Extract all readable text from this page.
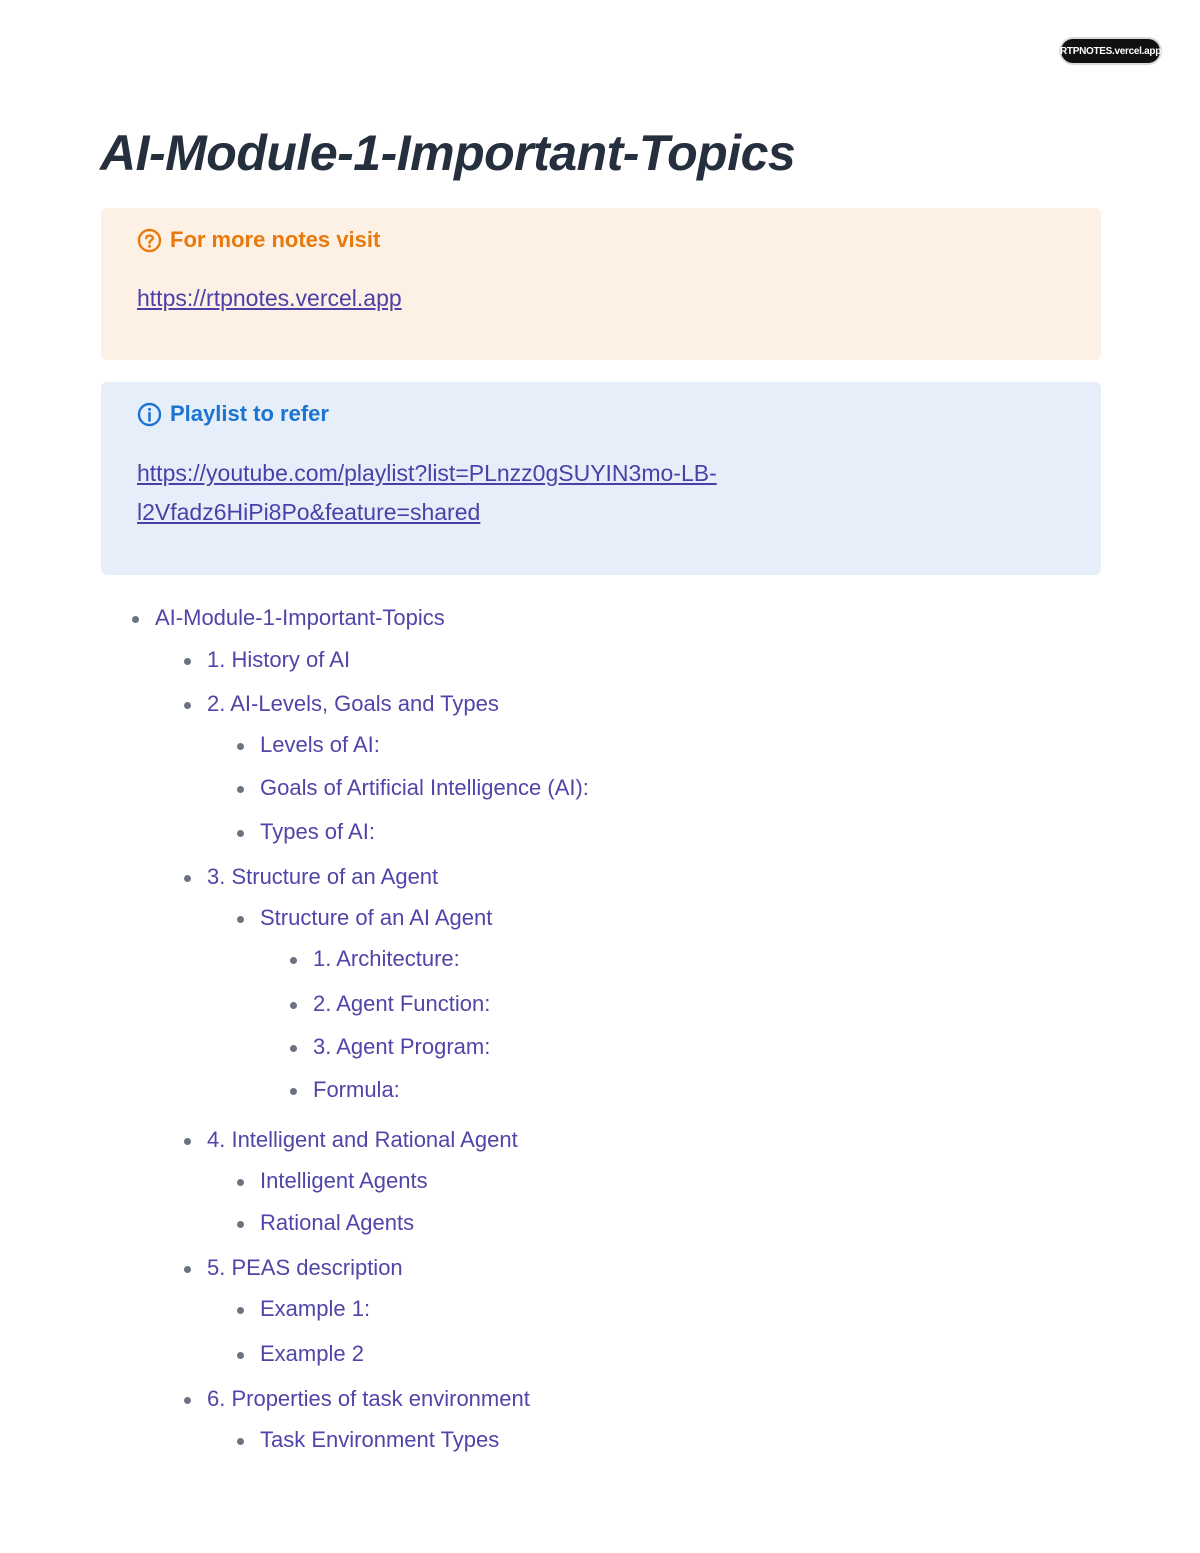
RTPNOTES.vercel.app
AI-Module-1-Important-Topics
For more notes visit
https://rtpnotes.vercel.app
Playlist to refer
https://youtube.com/playlist?list=PLnzz0gSUYIN3mo-LB-
l2Vfadz6HiPi8Po&feature=shared
AI-Module-1-Important-Topics
1. History of AI
2. AI-Levels, Goals and Types
Levels of AI:
Goals of Artificial Intelligence (AI):
Types of AI:
3. Structure of an Agent
Structure of an AI Agent
1. Architecture:
2. Agent Function:
3. Agent Program:
Formula:
4. Intelligent and Rational Agent
Intelligent Agents
Rational Agents
5. PEAS description
Example 1:
Example 2
6. Properties of task environment
Task Environment Types
